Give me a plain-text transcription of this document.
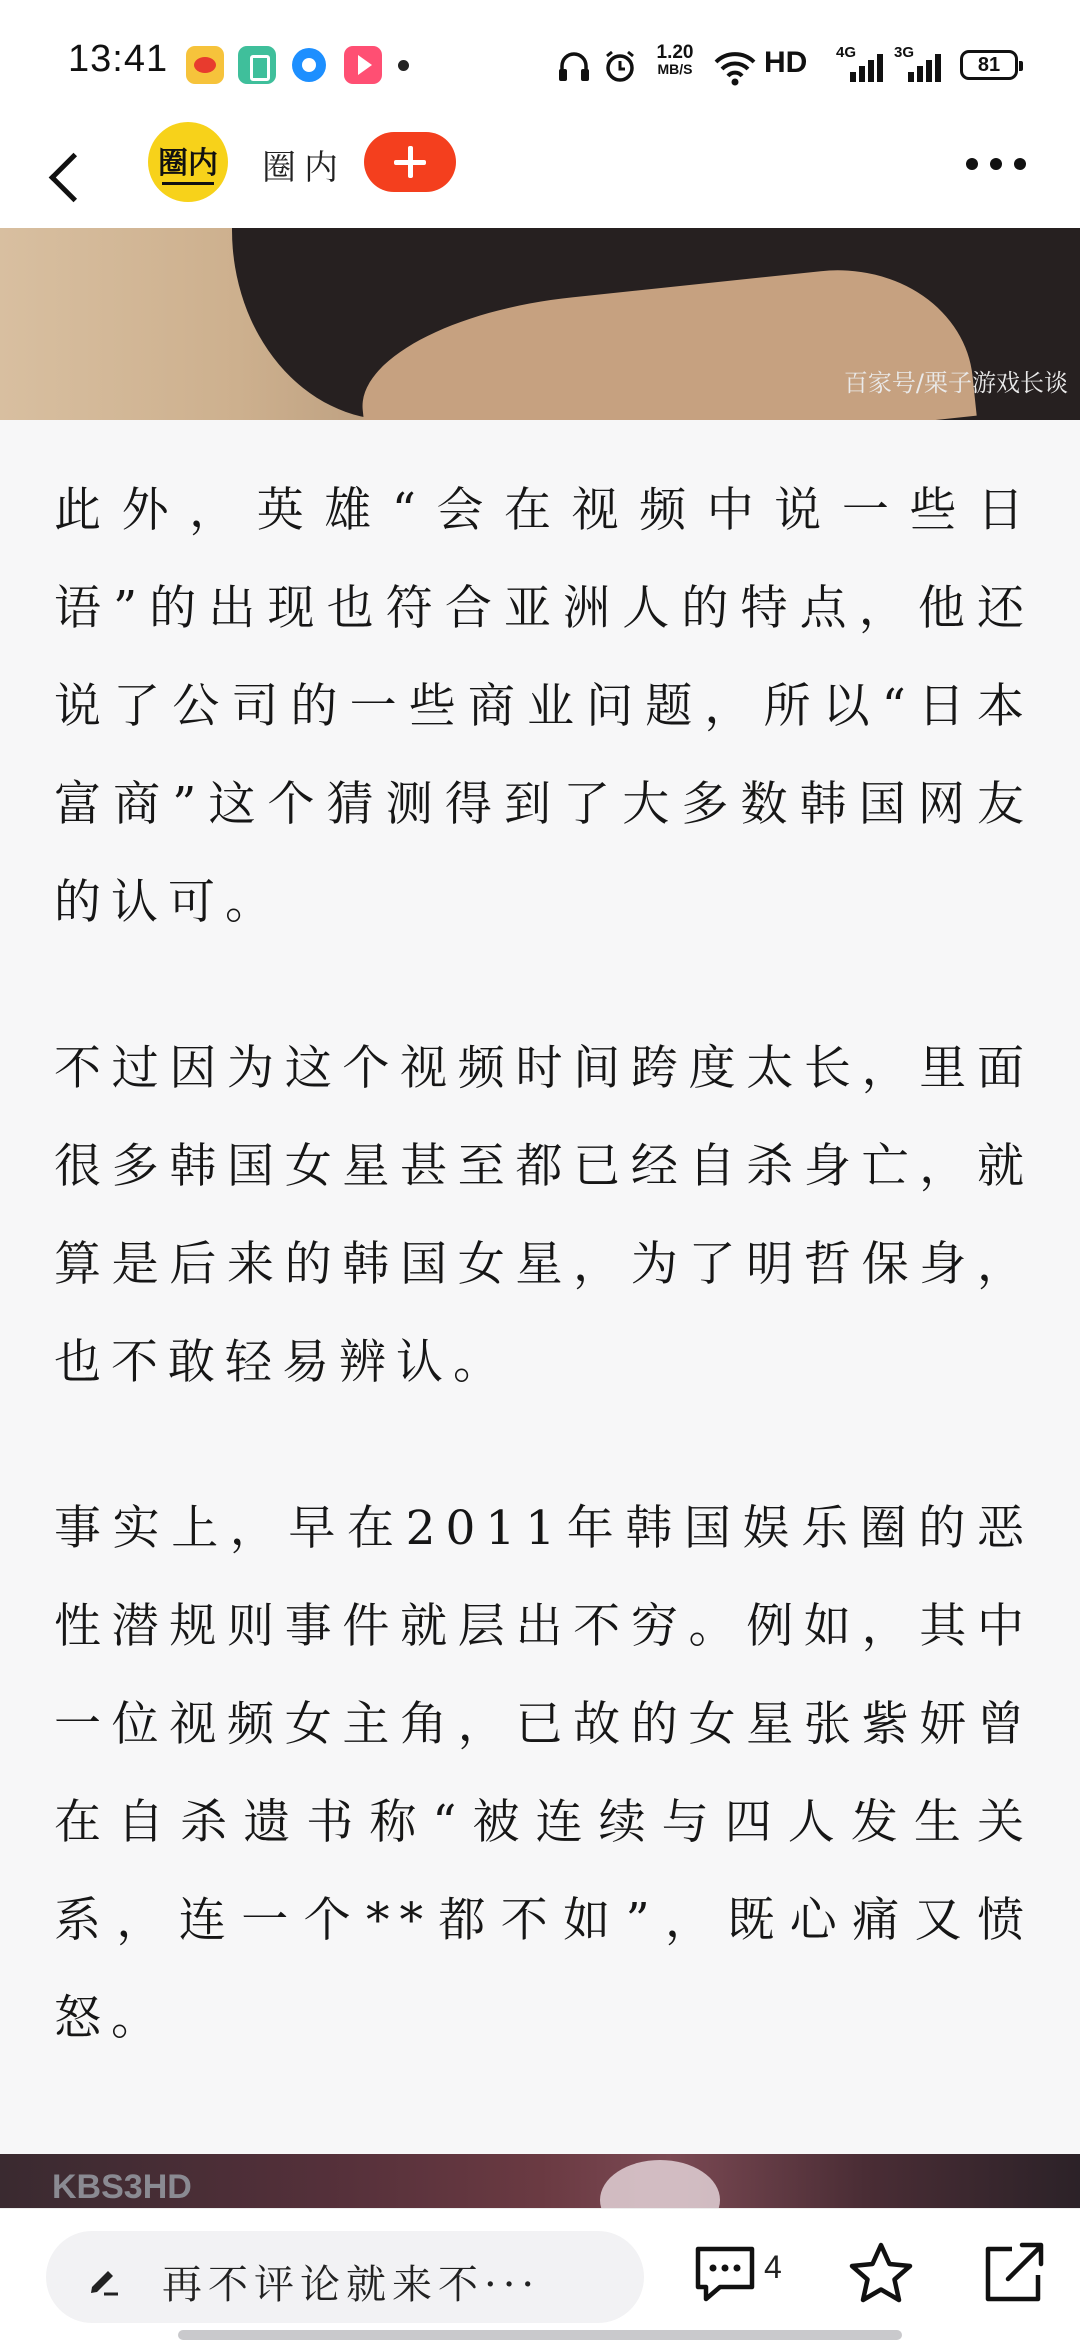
13:41	1.20
MB/S	HD	4G	3G
81
圈内 圈内
百家号/栗子游戏长谈

此外，英雄“会在视频中说一些日语”的出现也符合亚洲人的特点，他还说了公司的一些商业问题，所以“日本富商”这个猜测得到了大多数韩国网友的认可。

不过因为这个视频时间跨度太长，里面很多韩国女星甚至都已经自杀身亡，就算是后来的韩国女星，为了明哲保身，也不敢轻易辨认。

事实上，早在2011年韩国娱乐圈的恶性潜规则事件就层出不穷。例如，其中一位视频女主角，已故的女星张紫妍曾在自杀遗书称“被连续与四人发生关系，连一个**都不如”，既心痛又愤怒。

KBS3HD
再不评论就来不···	4
